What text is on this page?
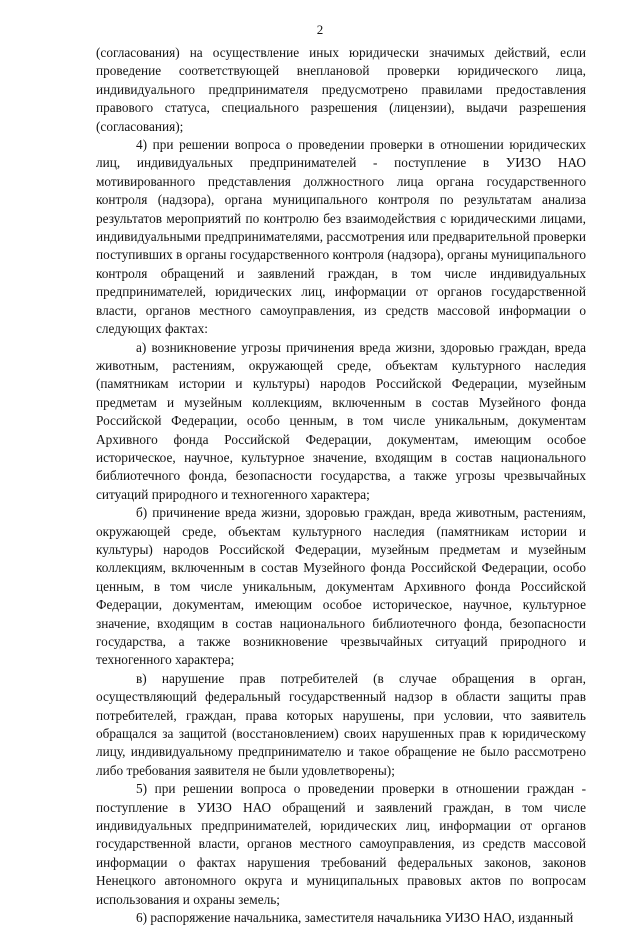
2

(согласования) на осуществление иных юридически значимых действий, если проведение соответствующей внеплановой проверки юридического лица, индивидуального предпринимателя предусмотрено правилами предоставления правового статуса, специального разрешения (лицензии), выдачи разрешения (согласования);

4) при решении вопроса о проведении проверки в отношении юридических лиц, индивидуальных предпринимателей - поступление в УИЗО НАО мотивированного представления должностного лица органа государственного контроля (надзора), органа муниципального контроля по результатам анализа результатов мероприятий по контролю без взаимодействия с юридическими лицами, индивидуальными предпринимателями, рассмотрения или предварительной проверки поступивших в органы государственного контроля (надзора), органы муниципального контроля обращений и заявлений граждан, в том числе индивидуальных предпринимателей, юридических лиц, информации от органов государственной власти, органов местного самоуправления, из средств массовой информации о следующих фактах:

а) возникновение угрозы причинения вреда жизни, здоровью граждан, вреда животным, растениям, окружающей среде, объектам культурного наследия (памятникам истории и культуры) народов Российской Федерации, музейным предметам и музейным коллекциям, включенным в состав Музейного фонда Российской Федерации, особо ценным, в том числе уникальным, документам Архивного фонда Российской Федерации, документам, имеющим особое историческое, научное, культурное значение, входящим в состав национального библиотечного фонда, безопасности государства, а также угрозы чрезвычайных ситуаций природного и техногенного характера;

б) причинение вреда жизни, здоровью граждан, вреда животным, растениям, окружающей среде, объектам культурного наследия (памятникам истории и культуры) народов Российской Федерации, музейным предметам и музейным коллекциям, включенным в состав Музейного фонда Российской Федерации, особо ценным, в том числе уникальным, документам Архивного фонда Российской Федерации, документам, имеющим особое историческое, научное, культурное значение, входящим в состав национального библиотечного фонда, безопасности государства, а также возникновение чрезвычайных ситуаций природного и техногенного характера;

в) нарушение прав потребителей (в случае обращения в орган, осуществляющий федеральный государственный надзор в области защиты прав потребителей, граждан, права которых нарушены, при условии, что заявитель обращался за защитой (восстановлением) своих нарушенных прав к юридическому лицу, индивидуальному предпринимателю и такое обращение не было рассмотрено либо требования заявителя не были удовлетворены);

5) при решении вопроса о проведении проверки в отношении граждан - поступление в УИЗО НАО обращений и заявлений граждан, в том числе индивидуальных предпринимателей, юридических лиц, информации от органов государственной власти, органов местного самоуправления, из средств массовой информации о фактах нарушения требований федеральных законов, законов Ненецкого автономного округа и муниципальных правовых актов по вопросам использования и охраны земель;

6) распоряжение начальника, заместителя начальника УИЗО НАО, изданный
